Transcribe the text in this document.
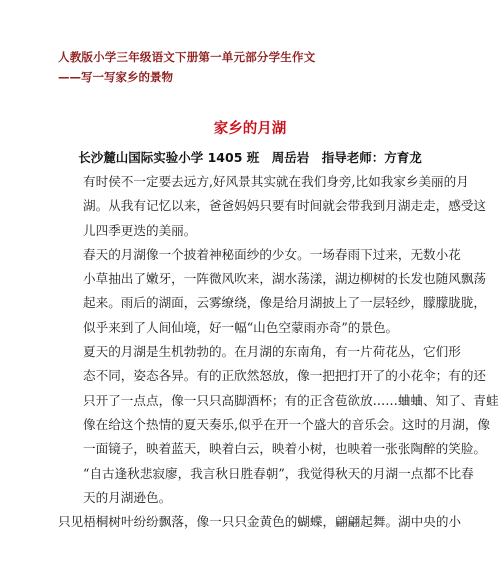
人教版小学三年级语文下册第一单元部分学生作文
——写一写家乡的景物
家乡的月湖
长沙麓山国际实验小学 1405 班　周岳岩　指导老师：方育龙

有时侯不一定要去远方,好风景其实就在我们身旁,比如我家乡美丽的月
湖。从我有记忆以来，爸爸妈妈只要有时间就会带我到月湖走走，感受这
儿四季更迭的美丽。

春天的月湖像一个披着神秘面纱的少女。一场春雨下过来，无数小花
小草抽出了嫩牙，一阵微风吹来，湖水荡漾，湖边柳树的长发也随风飘荡
起来。雨后的湖面，云雾缭绕，像是给月湖披上了一层轻纱，朦朦胧胧，
似乎来到了人间仙境，好一幅“山色空蒙雨亦奇”的景色。

夏天的月湖是生机勃勃的。在月湖的东南角，有一片荷花丛，它们形
态不同，姿态各异。有的正欣然怒放，像一把把打开了的小花伞；有的还
只开了一点点，像一只只高脚酒杯；有的正含苞欲放……蛐蛐、知了、青蛙
像在给这个热情的夏天奏乐,似乎在开一个盛大的音乐会。这时的月湖，像
一面镜子，映着蓝天，映着白云，映着小树，也映着一张张陶醉的笑脸。

“自古逢秋悲寂廖，我言秋日胜春朝”，我觉得秋天的月湖一点都不比春
天的月湖逊色。

只见梧桐树叶纷纷飘落，像一只只金黄色的蝴蝶，翩翩起舞。湖中央的小
